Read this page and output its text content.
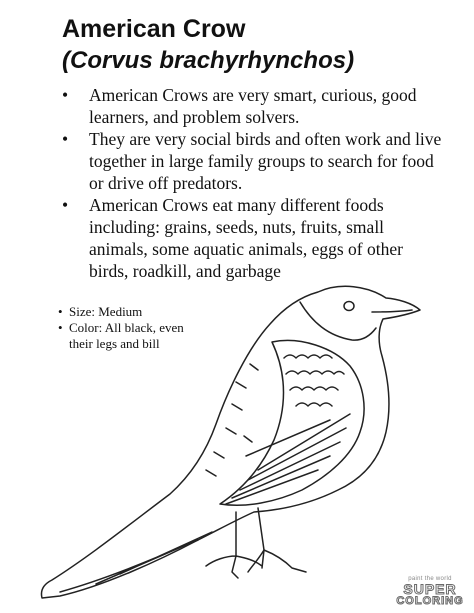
American Crow
(Corvus brachyrhynchos)
• American Crows are very smart, curious, good learners, and problem solvers.
• They are very social birds and often work and live together in large family groups to search for food or drive off predators.
• American Crows eat many different foods including: grains, seeds, nuts, fruits, small animals, some aquatic animals, eggs of other birds, roadkill, and garbage
• Size: Medium
• Color: All black, even their legs and bill
paint the world
SUPER
COLORING
